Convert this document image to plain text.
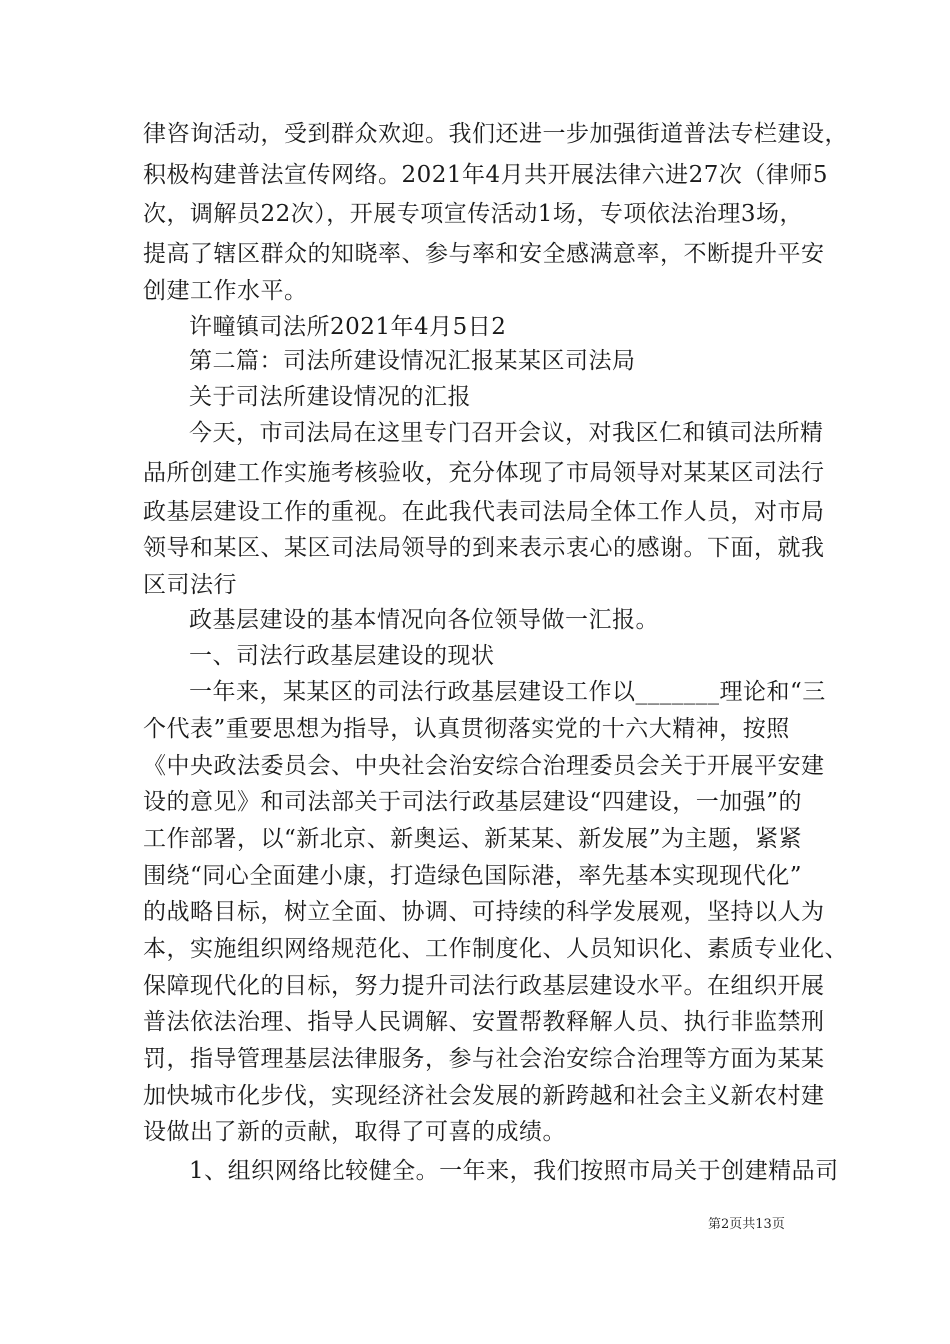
律咨询活动，受到群众欢迎。我们还进一步加强街道普法专栏建设，
积极构建普法宣传网络。2021年4月共开展法律六进27次（律师5
次，调解员22次），开展专项宣传活动1场，专项依法治理3场，
提高了辖区群众的知晓率、参与率和安全感满意率，不断提升平安
创建工作水平。
许疃镇司法所2021年4月5日2
第二篇：司法所建设情况汇报某某区司法局
关于司法所建设情况的汇报
今天，市司法局在这里专门召开会议，对我区仁和镇司法所精
品所创建工作实施考核验收，充分体现了市局领导对某某区司法行
政基层建设工作的重视。在此我代表司法局全体工作人员，对市局
领导和某区、某区司法局领导的到来表示衷心的感谢。下面，就我
区司法行
政基层建设的基本情况向各位领导做一汇报。
一、司法行政基层建设的现状
一年来，某某区的司法行政基层建设工作以_______理论和“三
个代表”重要思想为指导，认真贯彻落实党的十六大精神，按照
《中央政法委员会、中央社会治安综合治理委员会关于开展平安建
设的意见》和司法部关于司法行政基层建设“四建设，一加强”的
工作部署，以“新北京、新奥运、新某某、新发展”为主题，紧紧
围绕“同心全面建小康，打造绿色国际港，率先基本实现现代化”
的战略目标，树立全面、协调、可持续的科学发展观，坚持以人为
本，实施组织网络规范化、工作制度化、人员知识化、素质专业化、
保障现代化的目标，努力提升司法行政基层建设水平。在组织开展
普法依法治理、指导人民调解、安置帮教释解人员、执行非监禁刑
罚，指导管理基层法律服务，参与社会治安综合治理等方面为某某
加快城市化步伐，实现经济社会发展的新跨越和社会主义新农村建
设做出了新的贡献，取得了可喜的成绩。
1、组织网络比较健全。一年来，我们按照市局关于创建精品司
第2页共13页
